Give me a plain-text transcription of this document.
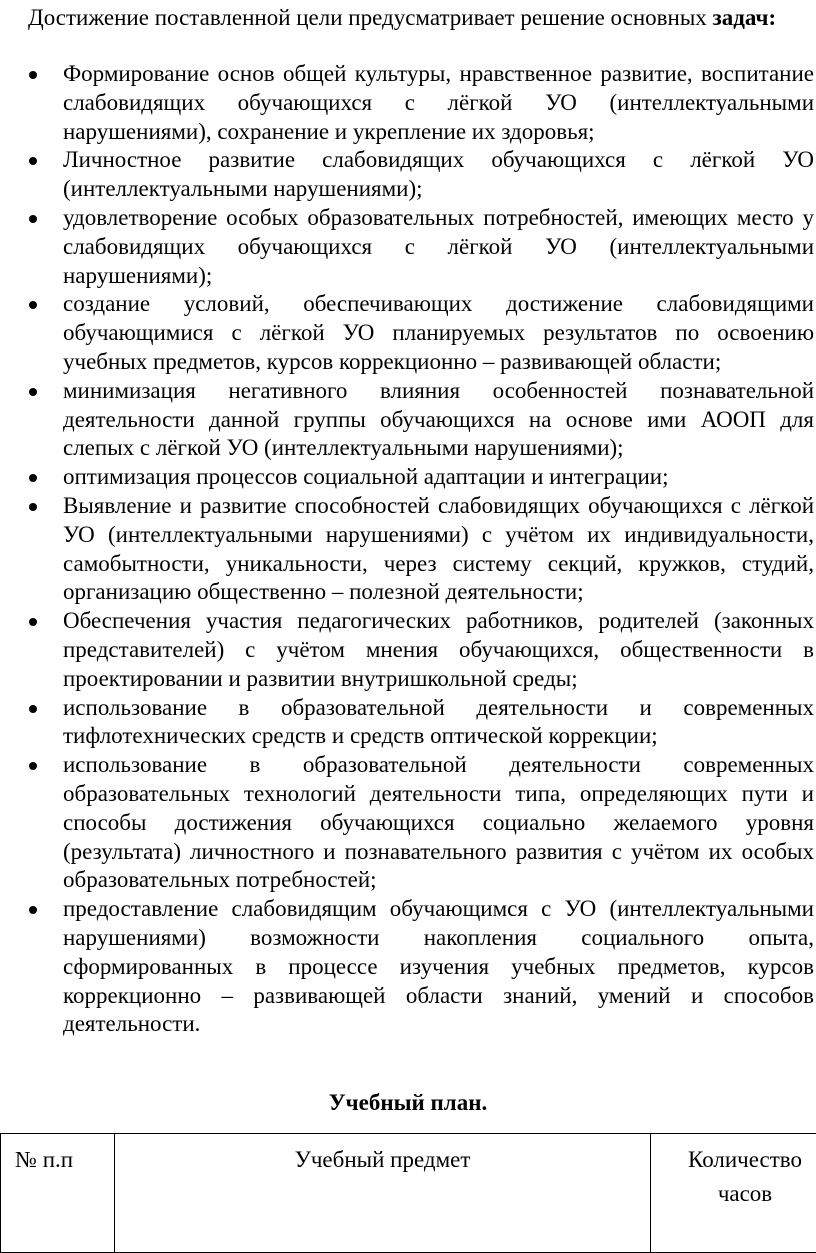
Достижение поставленной цели предусматривает решение основных задач:

Формирование основ общей культуры, нравственное развитие, воспитание слабовидящих обучающихся с лёгкой УО (интеллектуальными нарушениями), сохранение и укрепление их здоровья;
Личностное развитие слабовидящих обучающихся с лёгкой УО (интеллектуальными нарушениями);
удовлетворение особых образовательных потребностей, имеющих место у слабовидящих обучающихся с лёгкой УО (интеллектуальными нарушениями);
создание условий, обеспечивающих достижение слабовидящими обучающимися с лёгкой УО планируемых результатов по освоению учебных предметов, курсов коррекционно – развивающей области;
минимизация негативного влияния особенностей познавательной деятельности данной группы обучающихся на основе ими АООП для слепых с лёгкой УО (интеллектуальными нарушениями);
оптимизация процессов социальной адаптации и интеграции;
Выявление и развитие способностей слабовидящих обучающихся с лёгкой УО (интеллектуальными нарушениями) с учётом их индивидуальности, самобытности, уникальности, через систему секций, кружков, студий, организацию общественно – полезной деятельности;
Обеспечения участия педагогических работников, родителей (законных представителей) с учётом мнения обучающихся, общественности в проектировании и развитии внутришкольной среды;
использование в образовательной деятельности и современных тифлотехнических средств и средств оптической коррекции;
использование в образовательной деятельности современных образовательных технологий деятельности типа, определяющих пути и способы достижения обучающихся социально желаемого уровня (результата) личностного и познавательного развития с учётом их особых образовательных потребностей;
предоставление слабовидящим обучающимся с УО (интеллектуальными нарушениями) возможности накопления социального опыта, сформированных в процессе изучения учебных предметов, курсов коррекционно – развивающей области знаний, умений и способов деятельности.
Учебный план.
№ п.п	Учебный предмет	Количество
часов
